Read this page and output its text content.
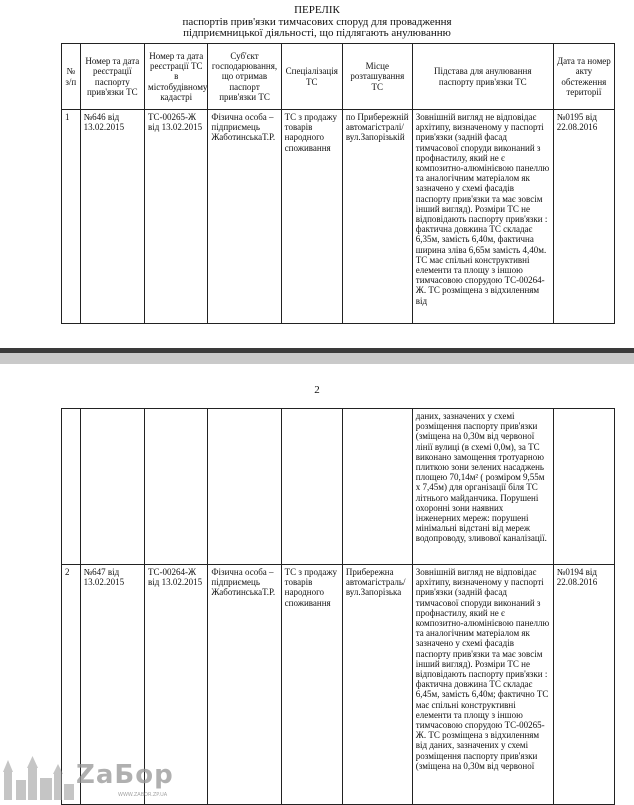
ПЕРЕЛІК
паспортів прив'язки тимчасових споруд для провадження
підприємницької діяльності, що підлягають анулюванню
№ з/п	Номер та дата реєстрації паспорту прив'язки ТС	Номер та дата реєстрації ТС в містобудівному кадастрі	Суб'єкт господарювання, що отримав паспорт прив'язки ТС	Спеціалізація ТС	Місце розташування ТС	Підстава для анулювання паспорту прив'язки ТС	Дата та номер акту обстеження території
1	№646 від 13.02.2015	ТС-00265-Ж від 13.02.2015	Фізична особа – підприємець ЖаботинськаТ.Р.	ТС з продажу товарів народного споживання	по Прибережній автомагістралі/ вул.Запорізькій	Зовнішній вигляд не відповідає архітипу, визначеному у паспорті прив'язки (задній фасад тимчасової споруди виконаний з профнастилу, який не є композитно-алюмінієвою панеллю та аналогічним матеріалом як зазначено у схемі фасадів паспорту прив'язки та має зовсім інший вигляд). Розміри ТС не відповідають паспорту прив'язки : фактична довжина ТС складає 6,35м, замість 6,40м, фактична ширина зліва 6,65м замість 4,40м. ТС має спільні конструктивні елементи та площу з іншою тимчасовою спорудою ТС-00264-Ж. ТС розміщена з відхиленням від	№0195 від 22.08.2016
2
						даних, зазначених у схемі розміщення паспорту прив'язки (зміщена на 0,30м від червоної лінії вулиці (в схемі 0,0м), за ТС виконано замощення тротуарною плиткою зони зелених насаджень площею 70,14м² ( розміром 9,55м х 7,45м) для організації біля ТС літнього майданчика. Порушені охоронні зони наявних інженерних мереж: порушені мінімальні відстані від мереж водопроводу, зливової каналізації.	
2	№647 від 13.02.2015	ТС-00264-Ж від 13.02.2015	Фізична особа – підприємець ЖаботинськаТ.Р.	ТС з продажу товарів народного споживання	Прибережна автомагістраль/ вул.Запорізька	Зовнішній вигляд не відповідає архітипу, визначеному у паспорті прив'язки (задній фасад тимчасової споруди виконаний з профнастилу, який не є композитно-алюмінієвою панеллю та аналогічним матеріалом як зазначено у схемі фасадів паспорту прив'язки та має зовсім інший вигляд). Розміри ТС не відповідають паспорту прив'язки : фактична довжина ТС складає 6,45м, замість 6,40м; фактично ТС має спільні конструктивні елементи та площу з іншою тимчасовою спорудою ТС-00265-Ж. ТС розміщена з відхиленням від даних, зазначених у схемі розміщення паспорту прив'язки (зміщена на 0,30м від червоної	№0194 від 22.08.2016
ZaБор
WWW.ZABOR.ZP.UA
